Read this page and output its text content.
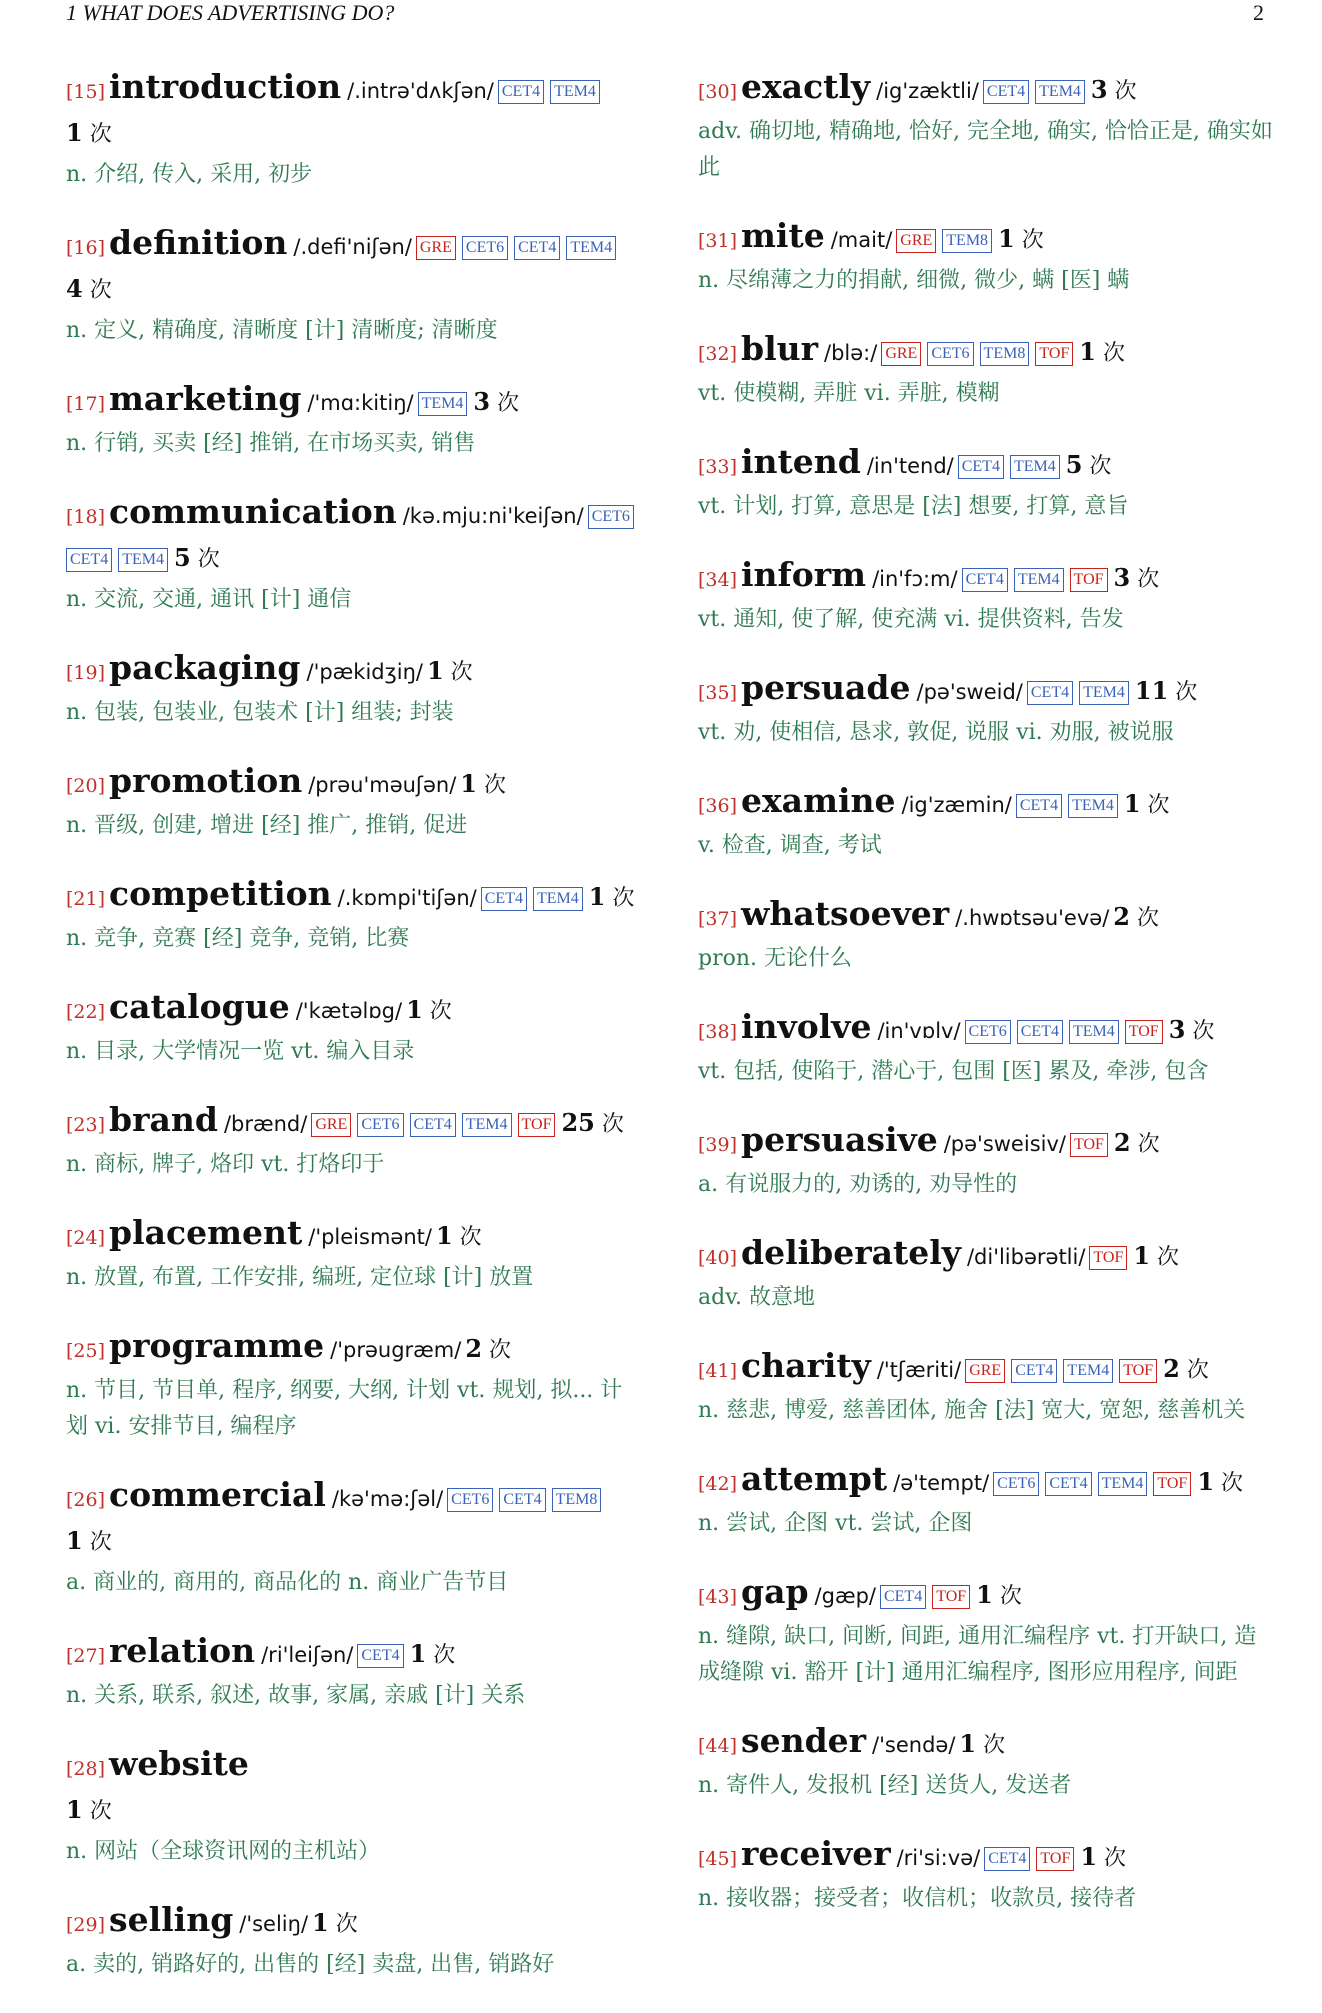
1 WHAT DOES ADVERTISING DO?	2
[15] introduction /.intrə'dʌkʃən/ CET4 TEM41 次
n. 介绍, 传入, 采用, 初步
[16] definition /.defi'niʃən/ GRE CET6 CET4 TEM44 次
n. 定义, 精确度, 清晰度 [计] 清晰度; 清晰度
[17] marketing /'mɑ:kitiŋ/ TEM4 3 次
n. 行销, 买卖 [经] 推销, 在市场买卖, 销售
[18] communication /kə.mju:ni'keiʃən/ CET6CET4 TEM4 5 次
n. 交流, 交通, 通讯 [计] 通信
[19] packaging /'pækidʒiŋ/ 1 次
n. 包装, 包装业, 包装术 [计] 组装; 封装
[20] promotion /prəu'məuʃən/ 1 次
n. 晋级, 创建, 增进 [经] 推广, 推销, 促进
[21] competition /.kɒmpi'tiʃən/ CET4 TEM4 1 次
n. 竞争, 竞赛 [经] 竞争, 竞销, 比赛
[22] catalogue /'kætəlɒg/ 1 次
n. 目录, 大学情况一览 vt. 编入目录
[23] brand /brænd/ GRE CET6 CET4 TEM4 TOF 25 次
n. 商标, 牌子, 烙印 vt. 打烙印于
[24] placement /'pleismənt/ 1 次
n. 放置, 布置, 工作安排, 编班, 定位球 [计] 放置
[25] programme /'prəugræm/ 2 次
n. 节目, 节目单, 程序, 纲要, 大纲, 计划 vt. 规划, 拟... 计划 vi. 安排节目, 编程序
[26] commercial /kə'mə:ʃəl/ CET6 CET4 TEM81 次
a. 商业的, 商用的, 商品化的 n. 商业广告节目
[27] relation /ri'leiʃən/ CET4 1 次
n. 关系, 联系, 叙述, 故事, 家属, 亲戚 [计] 关系
[28] website
1 次
n. 网站（全球资讯网的主机站）
[29] selling /'seliŋ/ 1 次
a. 卖的, 销路好的, 出售的 [经] 卖盘, 出售, 销路好
[30] exactly /ig'zæktli/ CET4 TEM4 3 次
adv. 确切地, 精确地, 恰好, 完全地, 确实, 恰恰正是, 确实如此
[31] mite /mait/ GRE TEM8 1 次
n. 尽绵薄之力的捐献, 细微, 微少, 螨 [医] 螨
[32] blur /blə:/ GRE CET6 TEM8 TOF 1 次
vt. 使模糊, 弄脏 vi. 弄脏, 模糊
[33] intend /in'tend/ CET4 TEM4 5 次
vt. 计划, 打算, 意思是 [法] 想要, 打算, 意旨
[34] inform /in'fɔ:m/ CET4 TEM4 TOF 3 次
vt. 通知, 使了解, 使充满 vi. 提供资料, 告发
[35] persuade /pə'sweid/ CET4 TEM4 11 次
vt. 劝, 使相信, 恳求, 敦促, 说服 vi. 劝服, 被说服
[36] examine /ig'zæmin/ CET4 TEM4 1 次
v. 检查, 调查, 考试
[37] whatsoever /.hwɒtsəu'evə/ 2 次
pron. 无论什么
[38] involve /in'vɒlv/ CET6 CET4 TEM4 TOF 3 次
vt. 包括, 使陷于, 潜心于, 包围 [医] 累及, 牵涉, 包含
[39] persuasive /pə'sweisiv/ TOF 2 次
a. 有说服力的, 劝诱的, 劝导性的
[40] deliberately /di'libərətli/ TOF 1 次
adv. 故意地
[41] charity /'tʃæriti/ GRE CET4 TEM4 TOF 2 次
n. 慈悲, 博爱, 慈善团体, 施舍 [法] 宽大, 宽恕, 慈善机关
[42] attempt /ə'tempt/ CET6 CET4 TEM4 TOF 1 次
n. 尝试, 企图 vt. 尝试, 企图
[43] gap /gæp/ CET4 TOF 1 次
n. 缝隙, 缺口, 间断, 间距, 通用汇编程序 vt. 打开缺口, 造成缝隙 vi. 豁开 [计] 通用汇编程序, 图形应用程序, 间距
[44] sender /'sendə/ 1 次
n. 寄件人, 发报机 [经] 送货人, 发送者
[45] receiver /ri'si:və/ CET4 TOF 1 次
n. 接收器；接受者；收信机；收款员, 接待者
